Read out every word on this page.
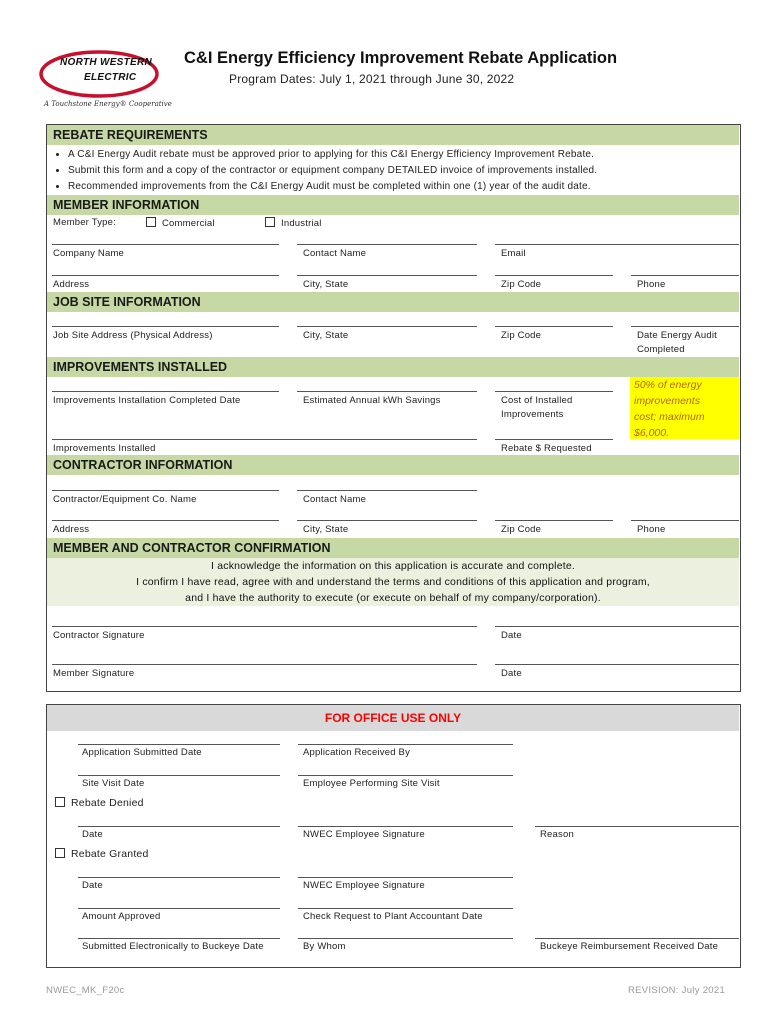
NORTH WESTERN
ELECTRIC
A Touchstone Energy® Cooperative
C&I Energy Efficiency Improvement Rebate Application
Program Dates: July 1, 2021 through June 30, 2022
REBATE REQUIREMENTS
• A C&I Energy Audit rebate must be approved prior to applying for this C&I Energy Efficiency Improvement Rebate.
• Submit this form and a copy of the contractor or equipment company DETAILED invoice of improvements installed.
• Recommended improvements from the C&I Energy Audit must be completed within one (1) year of the audit date.
MEMBER INFORMATION
Member Type:	Commercial	Industrial
Company Name	Contact Name	Email
Address	City, State	Zip Code	Phone
JOB SITE INFORMATION
Job Site Address (Physical Address)	City, State	Zip Code	Date Energy Audit
Completed
IMPROVEMENTS INSTALLED
50% of energy
improvements
cost; maximum
$6,000.
Improvements Installation Completed Date	Estimated Annual kWh Savings	Cost of Installed
Improvements
Improvements Installed	Rebate $ Requested
CONTRACTOR INFORMATION
Contractor/Equipment Co. Name	Contact Name
Address	City, State	Zip Code	Phone
MEMBER AND CONTRACTOR CONFIRMATION
I acknowledge the information on this application is accurate and complete.
I confirm I have read, agree with and understand the terms and conditions of this application and program,
and I have the authority to execute (or execute on behalf of my company/corporation).
Contractor Signature	Date
Member Signature	Date
FOR OFFICE USE ONLY
Application Submitted Date	Application Received By
Site Visit Date	Employee Performing Site Visit
Rebate Denied
Date	NWEC Employee Signature	Reason
Rebate Granted
Date	NWEC Employee Signature
Amount Approved	Check Request to Plant Accountant Date
Submitted Electronically to Buckeye Date	By Whom	Buckeye Reimbursement Received Date
NWEC_MK_F20c	REVISION: July 2021
